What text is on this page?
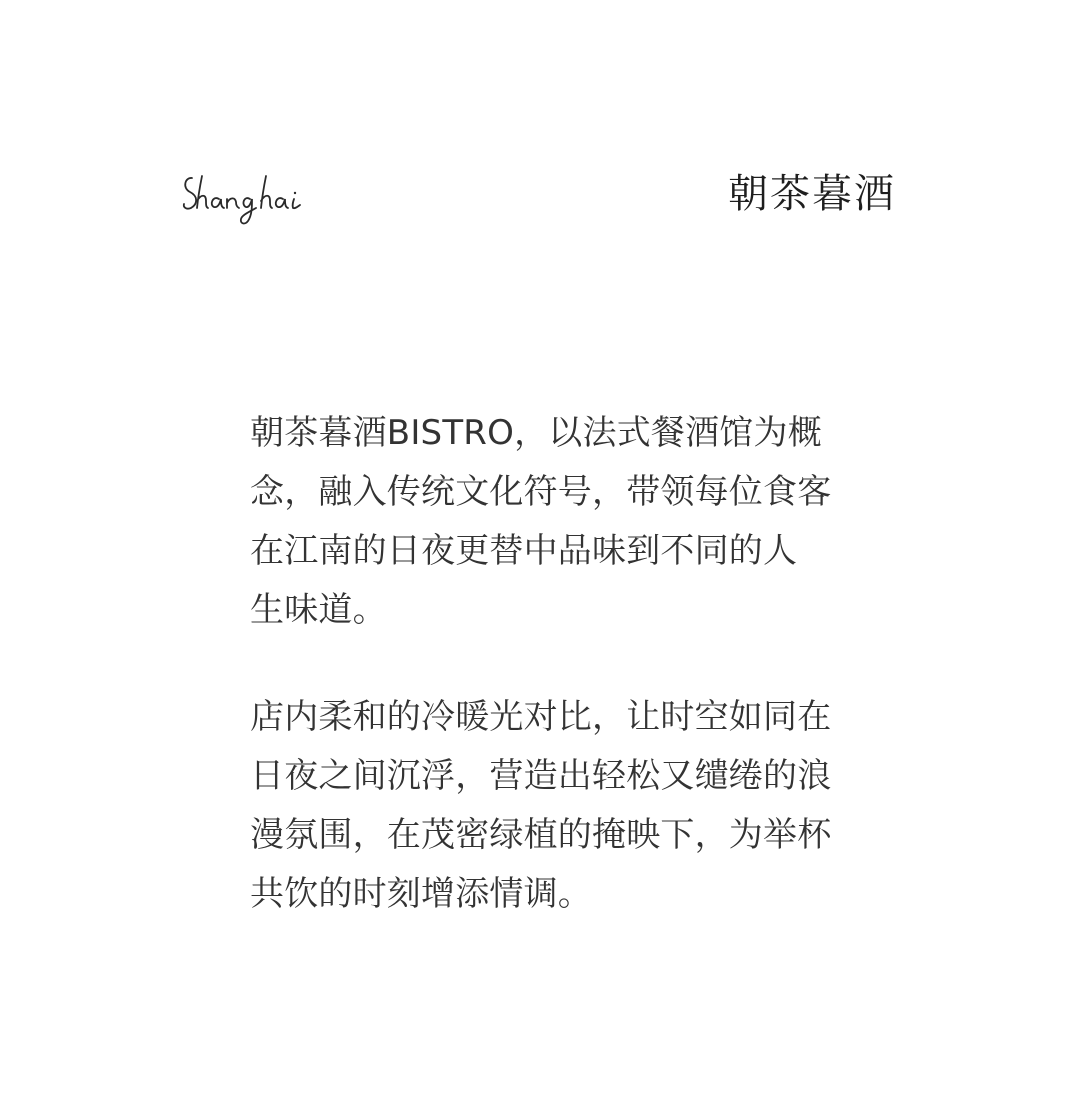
朝茶暮酒
朝茶暮酒BISTRO，以法式餐酒馆为概
念，融入传统文化符号，带领每位食客
在江南的日夜更替中品味到不同的人
生味道。
店内柔和的冷暖光对比，让时空如同在
日夜之间沉浮，营造出轻松又缱绻的浪
漫氛围，在茂密绿植的掩映下，为举杯
共饮的时刻增添情调。
